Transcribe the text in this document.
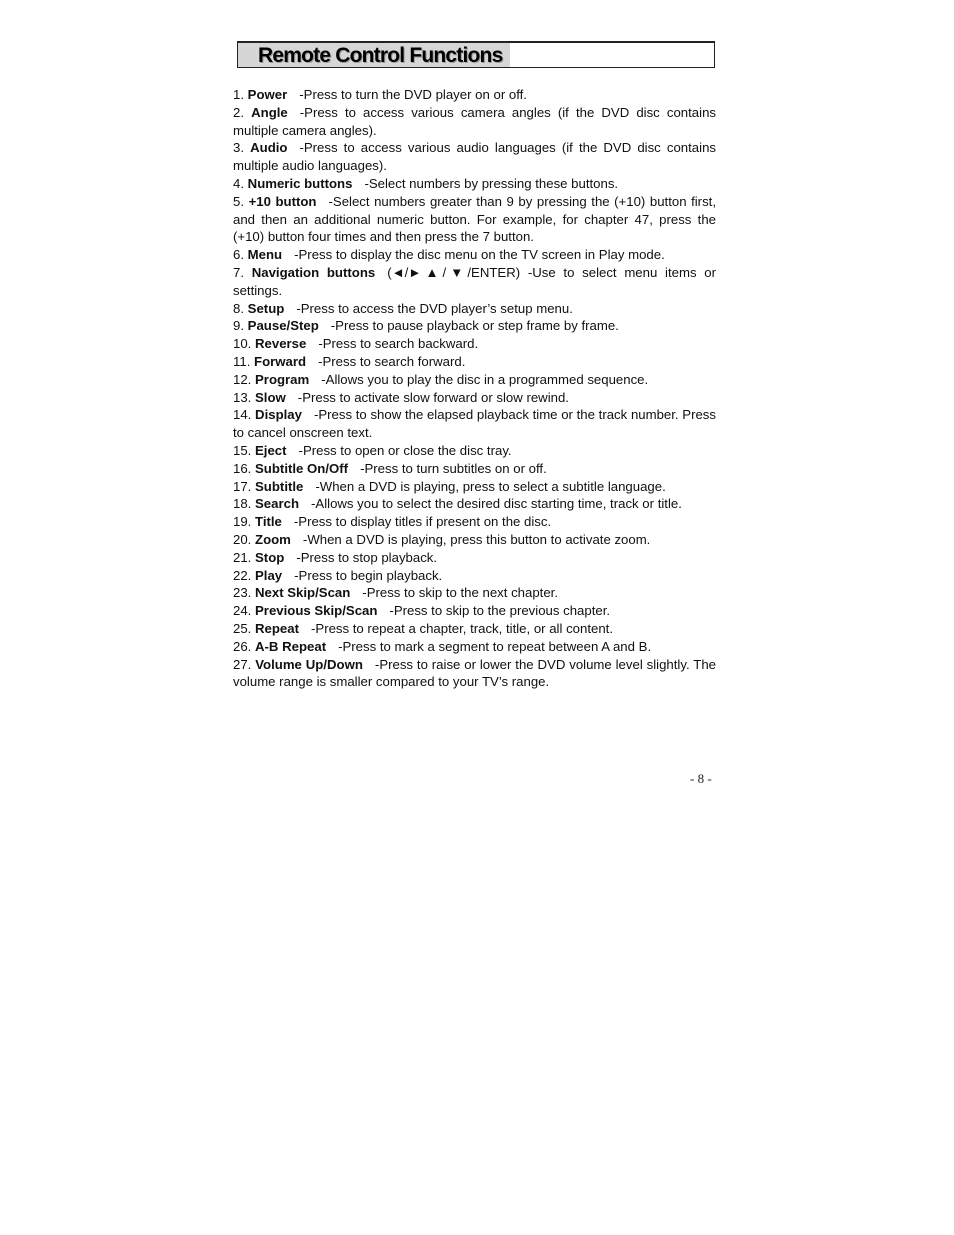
Remote Control Functions

1. Power -Press to turn the DVD player on or off.

2. Angle -Press to access various camera angles (if the DVD disc contains multiple camera angles).

3. Audio -Press to access various audio languages (if the DVD disc contains multiple audio languages).

4. Numeric buttons -Select numbers by pressing these buttons.

5. +10 button -Select numbers greater than 9 by pressing the (+10) button first, and then an additional numeric button. For example, for chapter 47, press the (+10) button four times and then press the 7 button.

6. Menu -Press to display the disc menu on the TV screen in Play mode.

7. Navigation buttons (◄/►▲/▼/ENTER) -Use to select menu items or settings.

8. Setup -Press to access the DVD player’s setup menu.

9. Pause/Step -Press to pause playback or step frame by frame.

10. Reverse -Press to search backward.

11. Forward -Press to search forward.

12. Program -Allows you to play the disc in a programmed sequence.

13. Slow -Press to activate slow forward or slow rewind.

14. Display -Press to show the elapsed playback time or the track number. Press to cancel onscreen text.

15. Eject -Press to open or close the disc tray.

16. Subtitle On/Off -Press to turn subtitles on or off.

17. Subtitle -When a DVD is playing, press to select a subtitle language.

18. Search -Allows you to select the desired disc starting time, track or title.

19. Title -Press to display titles if present on the disc.

20. Zoom -When a DVD is playing, press this button to activate zoom.

21. Stop -Press to stop playback.

22. Play -Press to begin playback.

23. Next Skip/Scan -Press to skip to the next chapter.

24. Previous Skip/Scan -Press to skip to the previous chapter.

25. Repeat -Press to repeat a chapter, track, title, or all content.

26. A-B Repeat -Press to mark a segment to repeat between A and B.

27. Volume Up/Down -Press to raise or lower the DVD volume level slightly. The volume range is smaller compared to your TV’s range.

- 8 -
